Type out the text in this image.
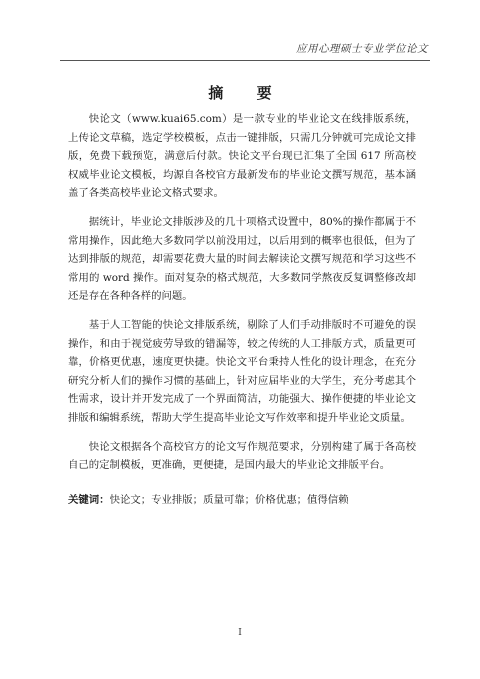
应用心理硕士专业学位论文
摘 要

快论文（www.kuai65.com）是一款专业的毕业论文在线排版系统，上传论文草稿，选定学校模板，点击一键排版，只需几分钟就可完成论文排版，免费下载预览，满意后付款。快论文平台现已汇集了全国 617 所高校权威毕业论文模板，均源自各校官方最新发布的毕业论文撰写规范，基本涵盖了各类高校毕业论文格式要求。

据统计，毕业论文排版涉及的几十项格式设置中，80%的操作都属于不常用操作，因此绝大多数同学以前没用过，以后用到的概率也很低，但为了达到排版的规范，却需要花费大量的时间去解读论文撰写规范和学习这些不常用的 word 操作。面对复杂的格式规范，大多数同学熬夜反复调整修改却还是存在各种各样的问题。

基于人工智能的快论文排版系统，剔除了人们手动排版时不可避免的误操作，和由于视觉疲劳导致的错漏等，较之传统的人工排版方式，质量更可靠，价格更优惠，速度更快捷。快论文平台秉持人性化的设计理念，在充分研究分析人们的操作习惯的基础上，针对应届毕业的大学生，充分考虑其个性需求，设计并开发完成了一个界面简洁，功能强大、操作便捷的毕业论文排版和编辑系统，帮助大学生提高毕业论文写作效率和提升毕业论文质量。

快论文根据各个高校官方的论文写作规范要求，分别构建了属于各高校自己的定制模板，更准确，更便捷，是国内最大的毕业论文排版平台。

关键词：快论文；专业排版；质量可靠；价格优惠；值得信赖

I
